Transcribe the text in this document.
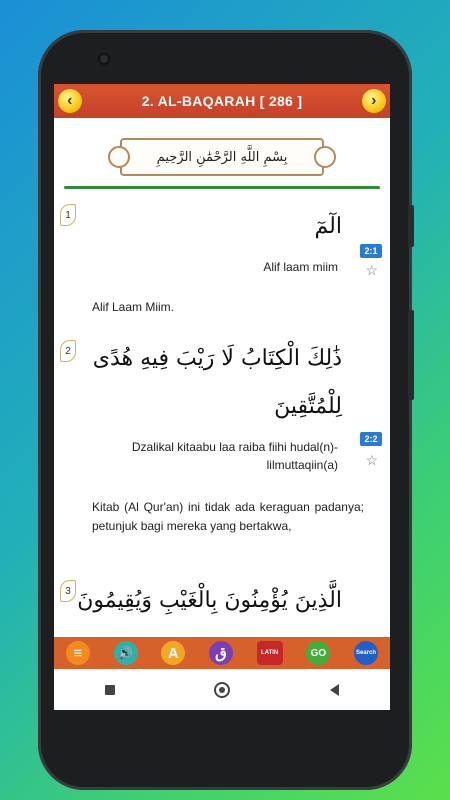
‹	2. AL-BAQARAH [ 286 ]	›
بِسْمِ اللَّهِ الرَّحْمَٰنِ الرَّحِيمِ
1	الٓمٓ
Alif laam miim
2:1
☆
Alif Laam Miim.
2 ذَٰلِكَ الْكِتَابُ لَا رَيْبَ فِيهِ هُدًى
لِلْمُتَّقِينَ
Dzalikal kitaabu laa raiba fiihi hudal(n)-
lilmuttaqiin(a)
2:2
☆
Kitab (Al Qur'an) ini tidak ada keraguan padanya; petunjuk bagi mereka yang bertakwa,
3 الَّذِينَ يُؤْمِنُونَ بِالْغَيْبِ وَيُقِيمُونَ
≡	🔊	A	ق	LATIN	GO	Search
